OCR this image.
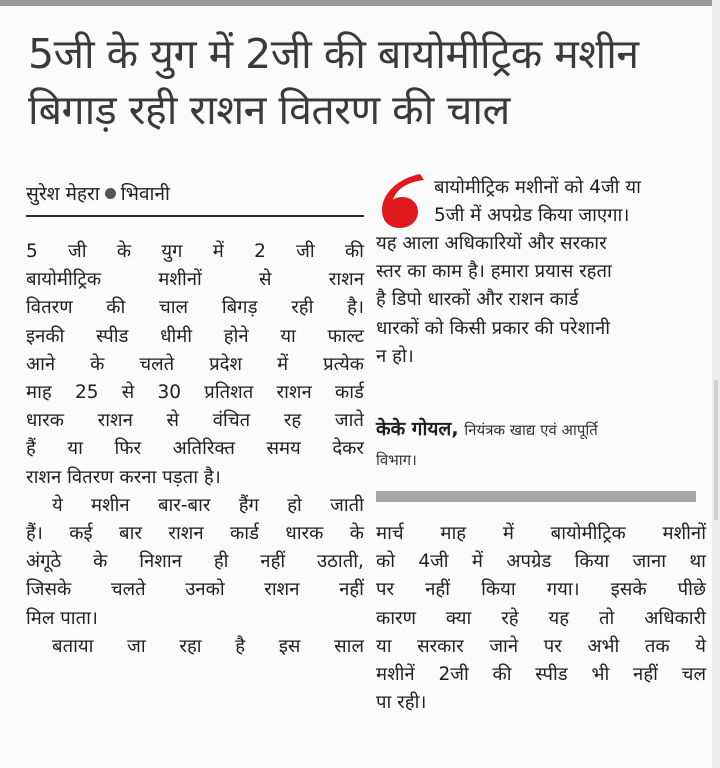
5जी के युग में 2जी की बायोमीट्रिक मशीन
बिगाड़ रही राशन वितरण की चाल
सुरेश मेहरा भिवानी
5 जी के युग में 2 जी की
बायोमीट्रिक	मशीनों	से	राशन
वितरण की चाल बिगड़ रही है।
इनकी स्पीड धीमी होने या फाल्ट
आने के चलते प्रदेश में प्रत्येक
माह 25 से 30 प्रतिशत राशन कार्ड
धारक राशन से वंचित रह जाते
हैं या फिर अतिरिक्त समय देकर
राशन वितरण करना पड़ता है।
ये मशीन बार-बार हैंग हो जाती
हैं। कई बार राशन कार्ड धारक के
अंगूठे के निशान ही नहीं उठाती,
जिसके चलते उनको राशन नहीं
मिल पाता।
बताया जा रहा है इस साल
बायोमीट्रिक मशीनों को 4जी या
5जी में अपग्रेड किया जाएगा।
यह आला अधिकारियों और सरकार
स्तर का काम है। हमारा प्रयास रहता
है डिपो धारकों और राशन कार्ड
धारकों को किसी प्रकार की परेशानी
न हो।
केके गोयल, नियंत्रक खाद्य एवं आपूर्ति
विभाग।
मार्च माह में बायोमीट्रिक मशीनों
को 4जी में अपग्रेड किया जाना था
पर नहीं किया गया। इसके पीछे
कारण क्या रहे यह तो अधिकारी
या सरकार जाने पर अभी तक ये
मशीनें 2जी की स्पीड भी नहीं चल
पा रही।
